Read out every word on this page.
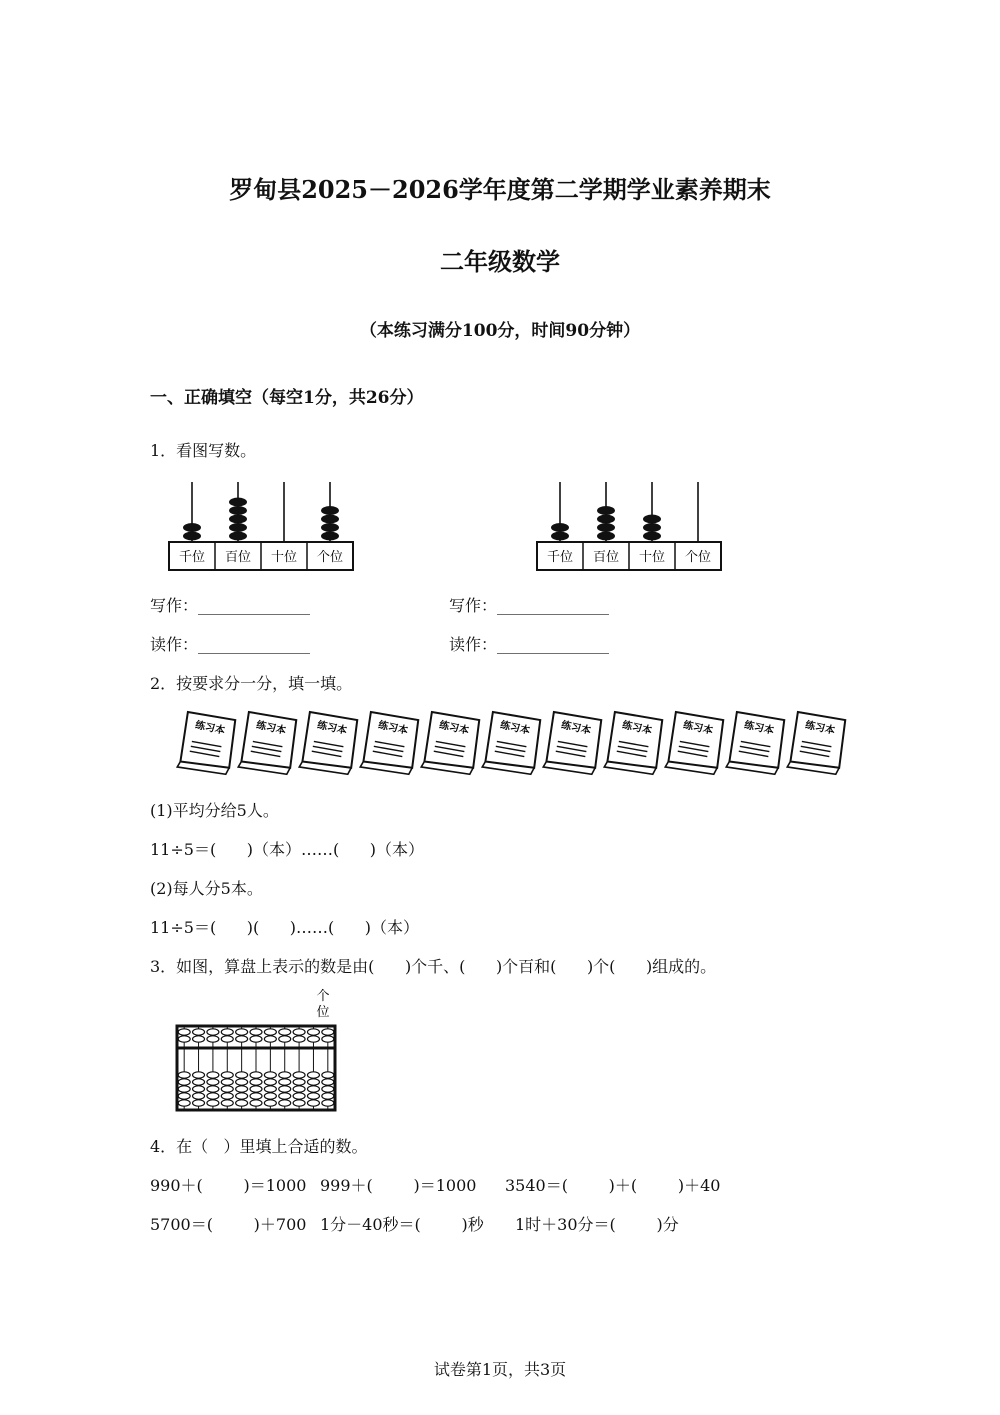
罗甸县2025－2026学年度第二学期学业素养期末
二年级数学
（本练习满分100分，时间90分钟）
一、正确填空（每空1分，共26分）
1．看图写数。
千位 百位 十位 个位	千位 百位 十位 个位
写作：______________	写作：______________
读作：______________	读作：______________
2．按要求分一分，填一填。
练习本	练习本	练习本	练习本	练习本	练习本	练习本	练习本	练习本	练习本	练习本
(1)平均分给5人。
11÷5＝(      )（本）……(      )（本）
(2)每人分5本。
11÷5＝(      )(      )……(      )（本）
3．如图，算盘上表示的数是由(      )个千、(      )个百和(      )个(      )组成的。
个
位
4．在（   ）里填上合适的数。
990＋(        )＝1000 999＋(        )＝1000 3540＝(        )＋(        )＋40
5700＝(        )＋700 1分－40秒＝(        )秒 1时＋30分＝(        )分
试卷第1页，共3页
